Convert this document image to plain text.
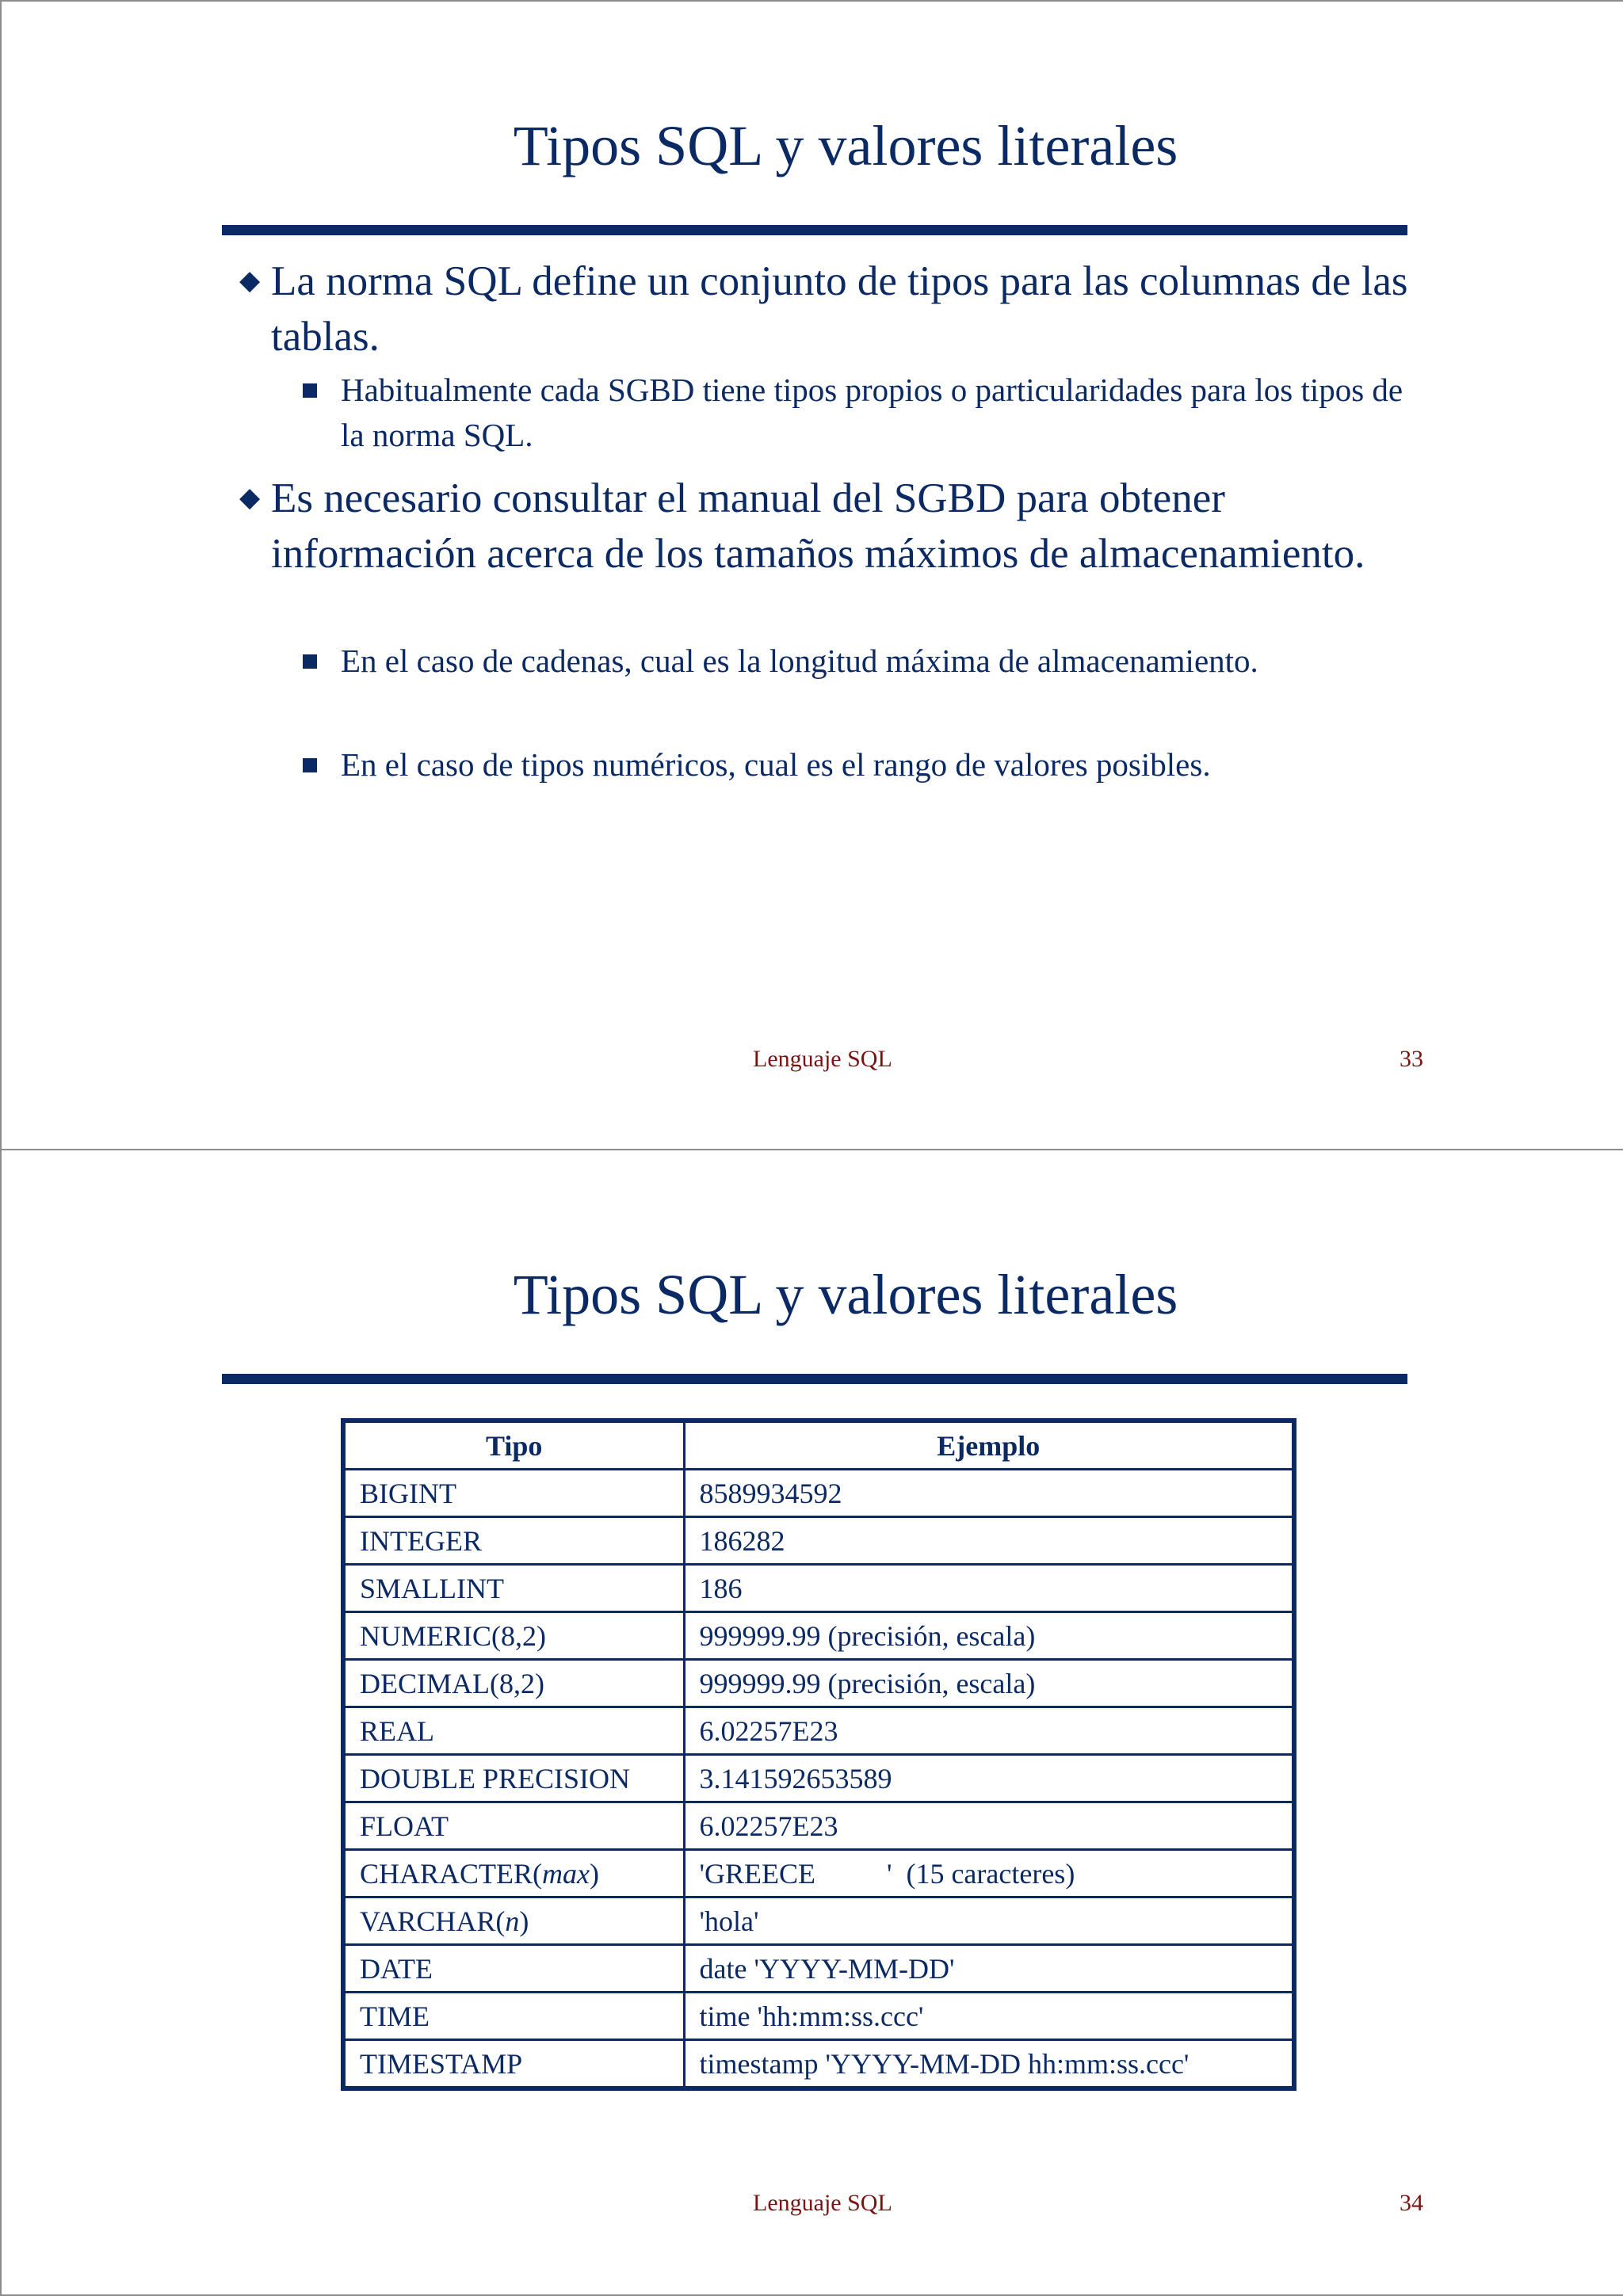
Tipos SQL y valores literales
◆ La norma SQL define un conjunto de tipos para las columnas de las tablas.
Habitualmente cada SGBD tiene tipos propios o particularidades para los tipos de la norma SQL.
◆ Es necesario consultar el manual del SGBD para obtener información acerca de los tamaños máximos de almacenamiento.
En el caso de cadenas, cual es la longitud máxima de almacenamiento.
En el caso de tipos numéricos, cual es el rango de valores posibles.
Lenguaje SQL	33
Tipos SQL y valores literales
Tipo	Ejemplo
BIGINT	8589934592
INTEGER	186282
SMALLINT	186
NUMERIC(8,2)	999999.99 (precisión, escala)
DECIMAL(8,2)	999999.99 (precisión, escala)
REAL	6.02257E23
DOUBLE PRECISION	3.141592653589
FLOAT	6.02257E23
CHARACTER(max)	'GREECE          '  (15 caracteres)
VARCHAR(n)	'hola'
DATE	date 'YYYY-MM-DD'
TIME	time 'hh:mm:ss.ccc'
TIMESTAMP	timestamp 'YYYY-MM-DD hh:mm:ss.ccc'
Lenguaje SQL	34
